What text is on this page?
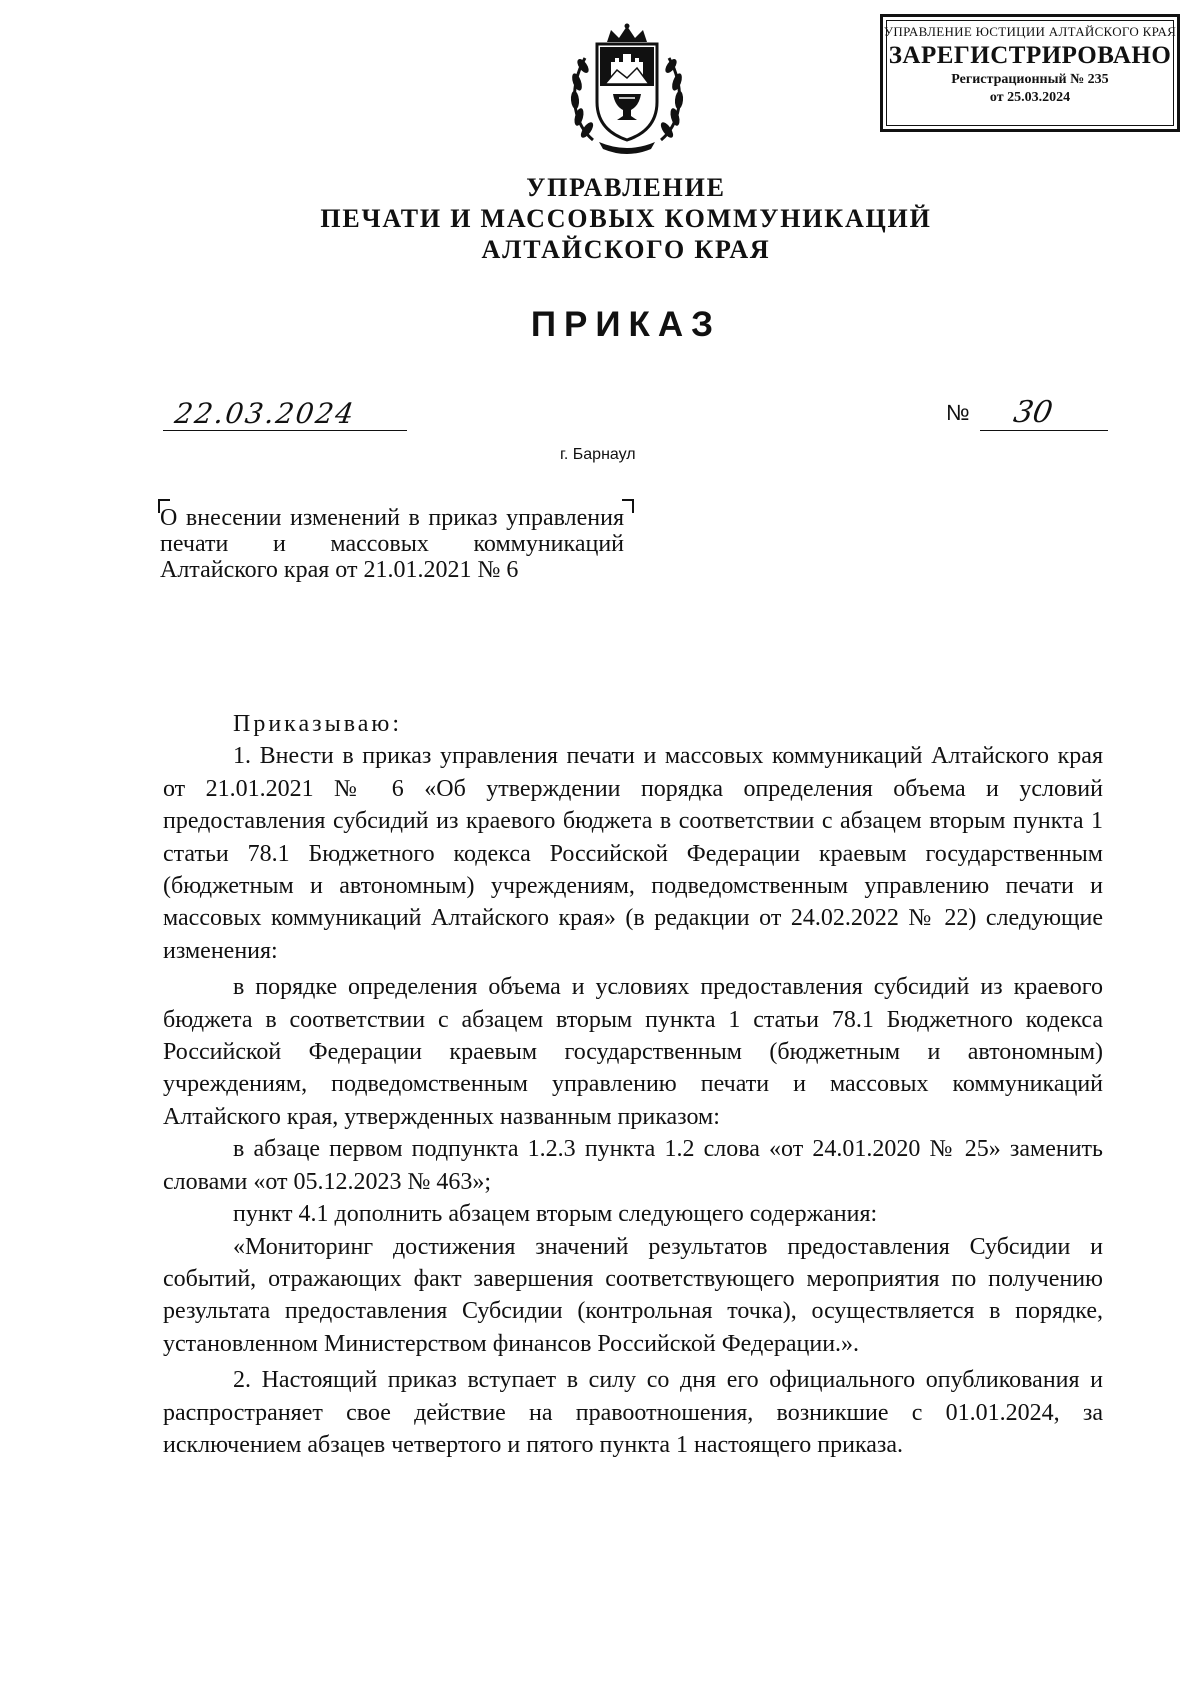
УПРАВЛЕНИЕ ЮСТИЦИИ АЛТАЙСКОГО КРАЯ
ЗАРЕГИСТРИРОВАНО
Регистрационный № 235
от 25.03.2024
УПРАВЛЕНИЕ
ПЕЧАТИ И МАССОВЫХ КОММУНИКАЦИЙ
АЛТАЙСКОГО КРАЯ
ПРИКАЗ
22.03.2024	№ 30
г. Барнаул
О внесении изменений в приказ управления печати и массовых коммуникаций Алтайского края от 21.01.2021 № 6

Приказываю:

1. Внести в приказ управления печати и массовых коммуникаций Алтайского края от 21.01.2021 № 6 «Об утверждении порядка определения объема и условий предоставления субсидий из краевого бюджета в соответствии с абзацем вторым пункта 1 статьи 78.1 Бюджетного кодекса Российской Федерации краевым государственным (бюджетным и автономным) учреждениям, подведомственным управлению печати и массовых коммуникаций Алтайского края» (в редакции от 24.02.2022 № 22) следующие изменения:

в порядке определения объема и условиях предоставления субсидий из краевого бюджета в соответствии с абзацем вторым пункта 1 статьи 78.1 Бюджетного кодекса Российской Федерации краевым государственным (бюджетным и автономным) учреждениям, подведомственным управлению печати и массовых коммуникаций Алтайского края, утвержденных названным приказом:

в абзаце первом подпункта 1.2.3 пункта 1.2 слова «от 24.01.2020 № 25» заменить словами «от 05.12.2023 № 463»;

пункт 4.1 дополнить абзацем вторым следующего содержания:

«Мониторинг достижения значений результатов предоставления Субсидии и событий, отражающих факт завершения соответствующего мероприятия по получению результата предоставления Субсидии (контрольная точка), осуществляется в порядке, установленном Министерством финансов Российской Федерации.».

2. Настоящий приказ вступает в силу со дня его официального опубликования и распространяет свое действие на правоотношения, возникшие с 01.01.2024, за исключением абзацев четвертого и пятого пункта 1 настоящего приказа.
